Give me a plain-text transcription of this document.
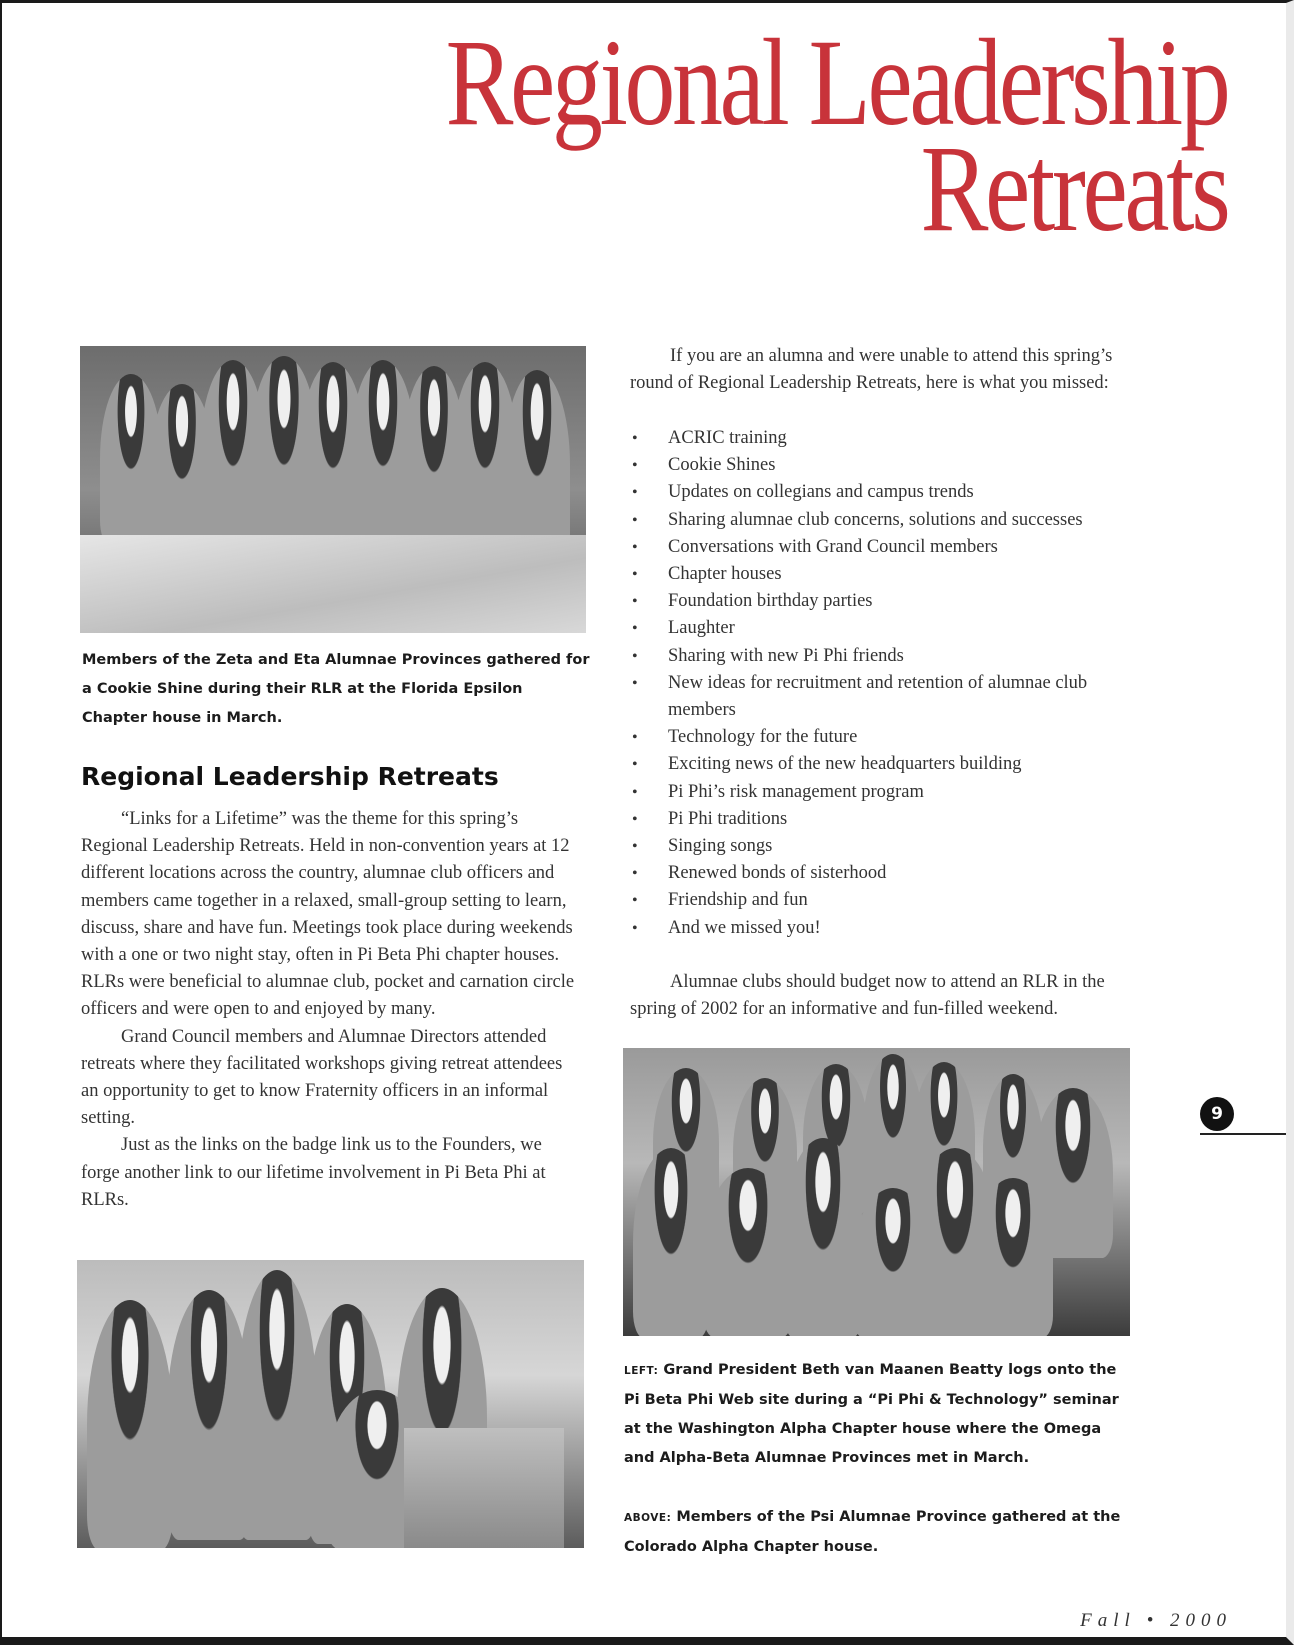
Regional Leadership
Retreats

Members of the Zeta and Eta Alumnae Provinces gathered for a Cookie Shine during their RLR at the Florida Epsilon Chapter house in March.

Regional Leadership Retreats

“Links for a Lifetime” was the theme for this spring’s Regional Leadership Retreats. Held in non-convention years at 12 different locations across the country, alumnae club officers and members came together in a relaxed, small-group setting to learn, discuss, share and have fun. Meetings took place during weekends with a one or two night stay, often in Pi Beta Phi chapter houses. RLRs were beneficial to alumnae club, pocket and carnation circle officers and were open to and enjoyed by many.

Grand Council members and Alumnae Directors attended retreats where they facilitated workshops giving retreat attendees an opportunity to get to know Fraternity officers in an informal setting.

Just as the links on the badge link us to the Founders, we forge another link to our lifetime involvement in Pi Beta Phi at RLRs.

If you are an alumna and were unable to attend this spring’s round of Regional Leadership Retreats, here is what you missed:

• ACRIC training
• Cookie Shines
• Updates on collegians and campus trends
• Sharing alumnae club concerns, solutions and successes
• Conversations with Grand Council members
• Chapter houses
• Foundation birthday parties
• Laughter
• Sharing with new Pi Phi friends
• New ideas for recruitment and retention of alumnae club members
• Technology for the future
• Exciting news of the new headquarters building
• Pi Phi’s risk management program
• Pi Phi traditions
• Singing songs
• Renewed bonds of sisterhood
• Friendship and fun
• And we missed you!

Alumnae clubs should budget now to attend an RLR in the spring of 2002 for an informative and fun-filled weekend.

LEFT: Grand President Beth van Maanen Beatty logs onto the Pi Beta Phi Web site during a “Pi Phi & Technology” seminar at the Washington Alpha Chapter house where the Omega and Alpha-Beta Alumnae Provinces met in March.

ABOVE: Members of the Psi Alumnae Province gathered at the Colorado Alpha Chapter house.

9
Fall • 2000
